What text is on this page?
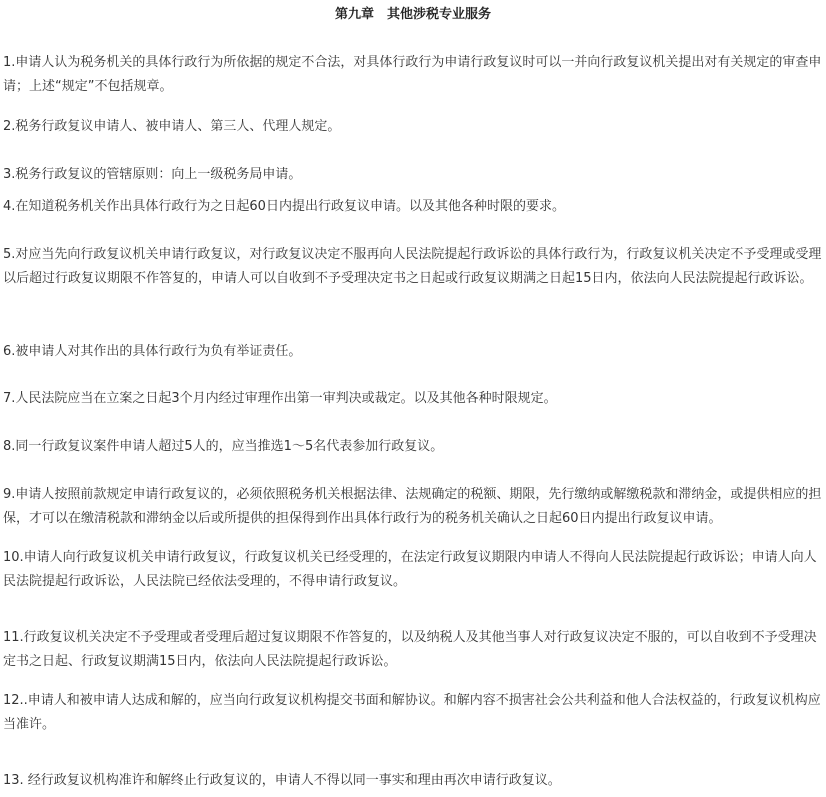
第九章　其他涉税专业服务
1.申请人认为税务机关的具体行政行为所依据的规定不合法，对具体行政行为申请行政复议时可以一并向行政复议机关提出对有关规定的审查申请；上述“规定”不包括规章。
2.税务行政复议申请人、被申请人、第三人、代理人规定。
3.税务行政复议的管辖原则：向上一级税务局申请。
4.在知道税务机关作出具体行政行为之日起60日内提出行政复议申请。以及其他各种时限的要求。
5.对应当先向行政复议机关申请行政复议，对行政复议决定不服再向人民法院提起行政诉讼的具体行政行为，行政复议机关决定不予受理或受理以后超过行政复议期限不作答复的，申请人可以自收到不予受理决定书之日起或行政复议期满之日起15日内，依法向人民法院提起行政诉讼。
6.被申请人对其作出的具体行政行为负有举证责任。
7.人民法院应当在立案之日起3个月内经过审理作出第一审判决或裁定。以及其他各种时限规定。
8.同一行政复议案件申请人超过5人的，应当推选1～5名代表参加行政复议。
9.申请人按照前款规定申请行政复议的，必须依照税务机关根据法律、法规确定的税额、期限，先行缴纳或解缴税款和滞纳金，或提供相应的担保，才可以在缴清税款和滞纳金以后或所提供的担保得到作出具体行政行为的税务机关确认之日起60日内提出行政复议申请。
10.申请人向行政复议机关申请行政复议，行政复议机关已经受理的，在法定行政复议期限内申请人不得向人民法院提起行政诉讼；申请人向人民法院提起行政诉讼，人民法院已经依法受理的，不得申请行政复议。
11.行政复议机关决定不予受理或者受理后超过复议期限不作答复的，以及纳税人及其他当事人对行政复议决定不服的，可以自收到不予受理决定书之日起、行政复议期满15日内，依法向人民法院提起行政诉讼。
12..申请人和被申请人达成和解的，应当向行政复议机构提交书面和解协议。和解内容不损害社会公共利益和他人合法权益的，行政复议机构应当准许。
13. 经行政复议机构准许和解终止行政复议的，申请人不得以同一事实和理由再次申请行政复议。
